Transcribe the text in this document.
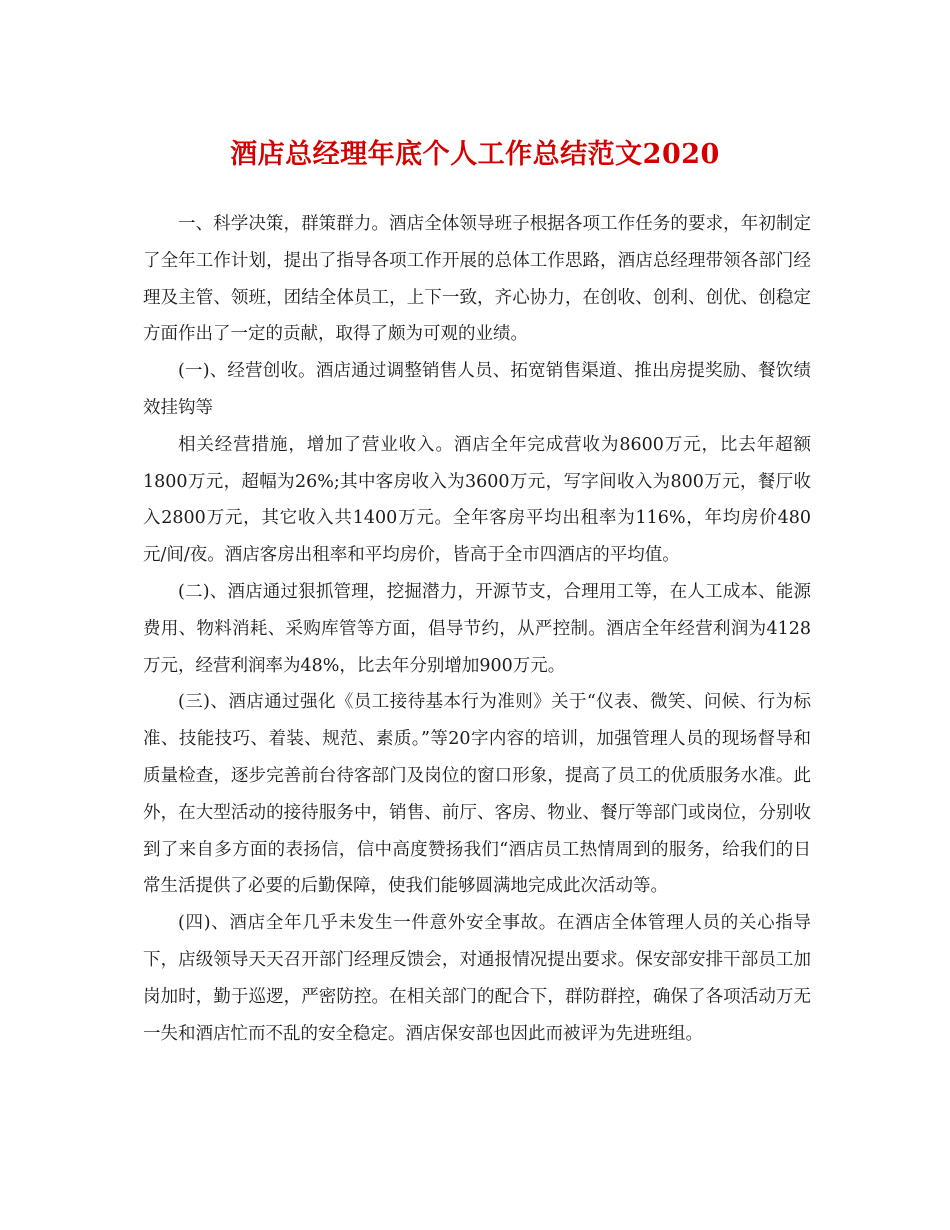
酒店总经理年底个人工作总结范文2020

一、科学决策，群策群力。酒店全体领导班子根据各项工作任务的要求，年初制定了全年工作计划，提出了指导各项工作开展的总体工作思路，酒店总经理带领各部门经理及主管、领班，团结全体员工，上下一致，齐心协力，在创收、创利、创优、创稳定方面作出了一定的贡献，取得了颇为可观的业绩。

(一)、经营创收。酒店通过调整销售人员、拓宽销售渠道、推出房提奖励、餐饮绩效挂钩等

相关经营措施，增加了营业收入。酒店全年完成营收为8600万元，比去年超额1800万元，超幅为26%;其中客房收入为3600万元，写字间收入为800万元，餐厅收入2800万元，其它收入共1400万元。全年客房平均出租率为116%，年均房价480元/间/夜。酒店客房出租率和平均房价，皆高于全市四酒店的平均值。

(二)、酒店通过狠抓管理，挖掘潜力，开源节支，合理用工等，在人工成本、能源费用、物料消耗、采购库管等方面，倡导节约，从严控制。酒店全年经营利润为4128万元，经营利润率为48%，比去年分别增加900万元。

(三)、酒店通过强化《员工接待基本行为准则》关于“仪表、微笑、问候、行为标准、技能技巧、着装、规范、素质。”等20字内容的培训，加强管理人员的现场督导和质量检查，逐步完善前台待客部门及岗位的窗口形象，提高了员工的优质服务水准。此外，在大型活动的接待服务中，销售、前厅、客房、物业、餐厅等部门或岗位，分别收到了来自多方面的表扬信，信中高度赞扬我们“酒店员工热情周到的服务，给我们的日常生活提供了必要的后勤保障，使我们能够圆满地完成此次活动等。

(四)、酒店全年几乎未发生一件意外安全事故。在酒店全体管理人员的关心指导下，店级领导天天召开部门经理反馈会，对通报情况提出要求。保安部安排干部员工加岗加时，勤于巡逻，严密防控。在相关部门的配合下，群防群控，确保了各项活动万无一失和酒店忙而不乱的安全稳定。酒店保安部也因此而被评为先进班组。
